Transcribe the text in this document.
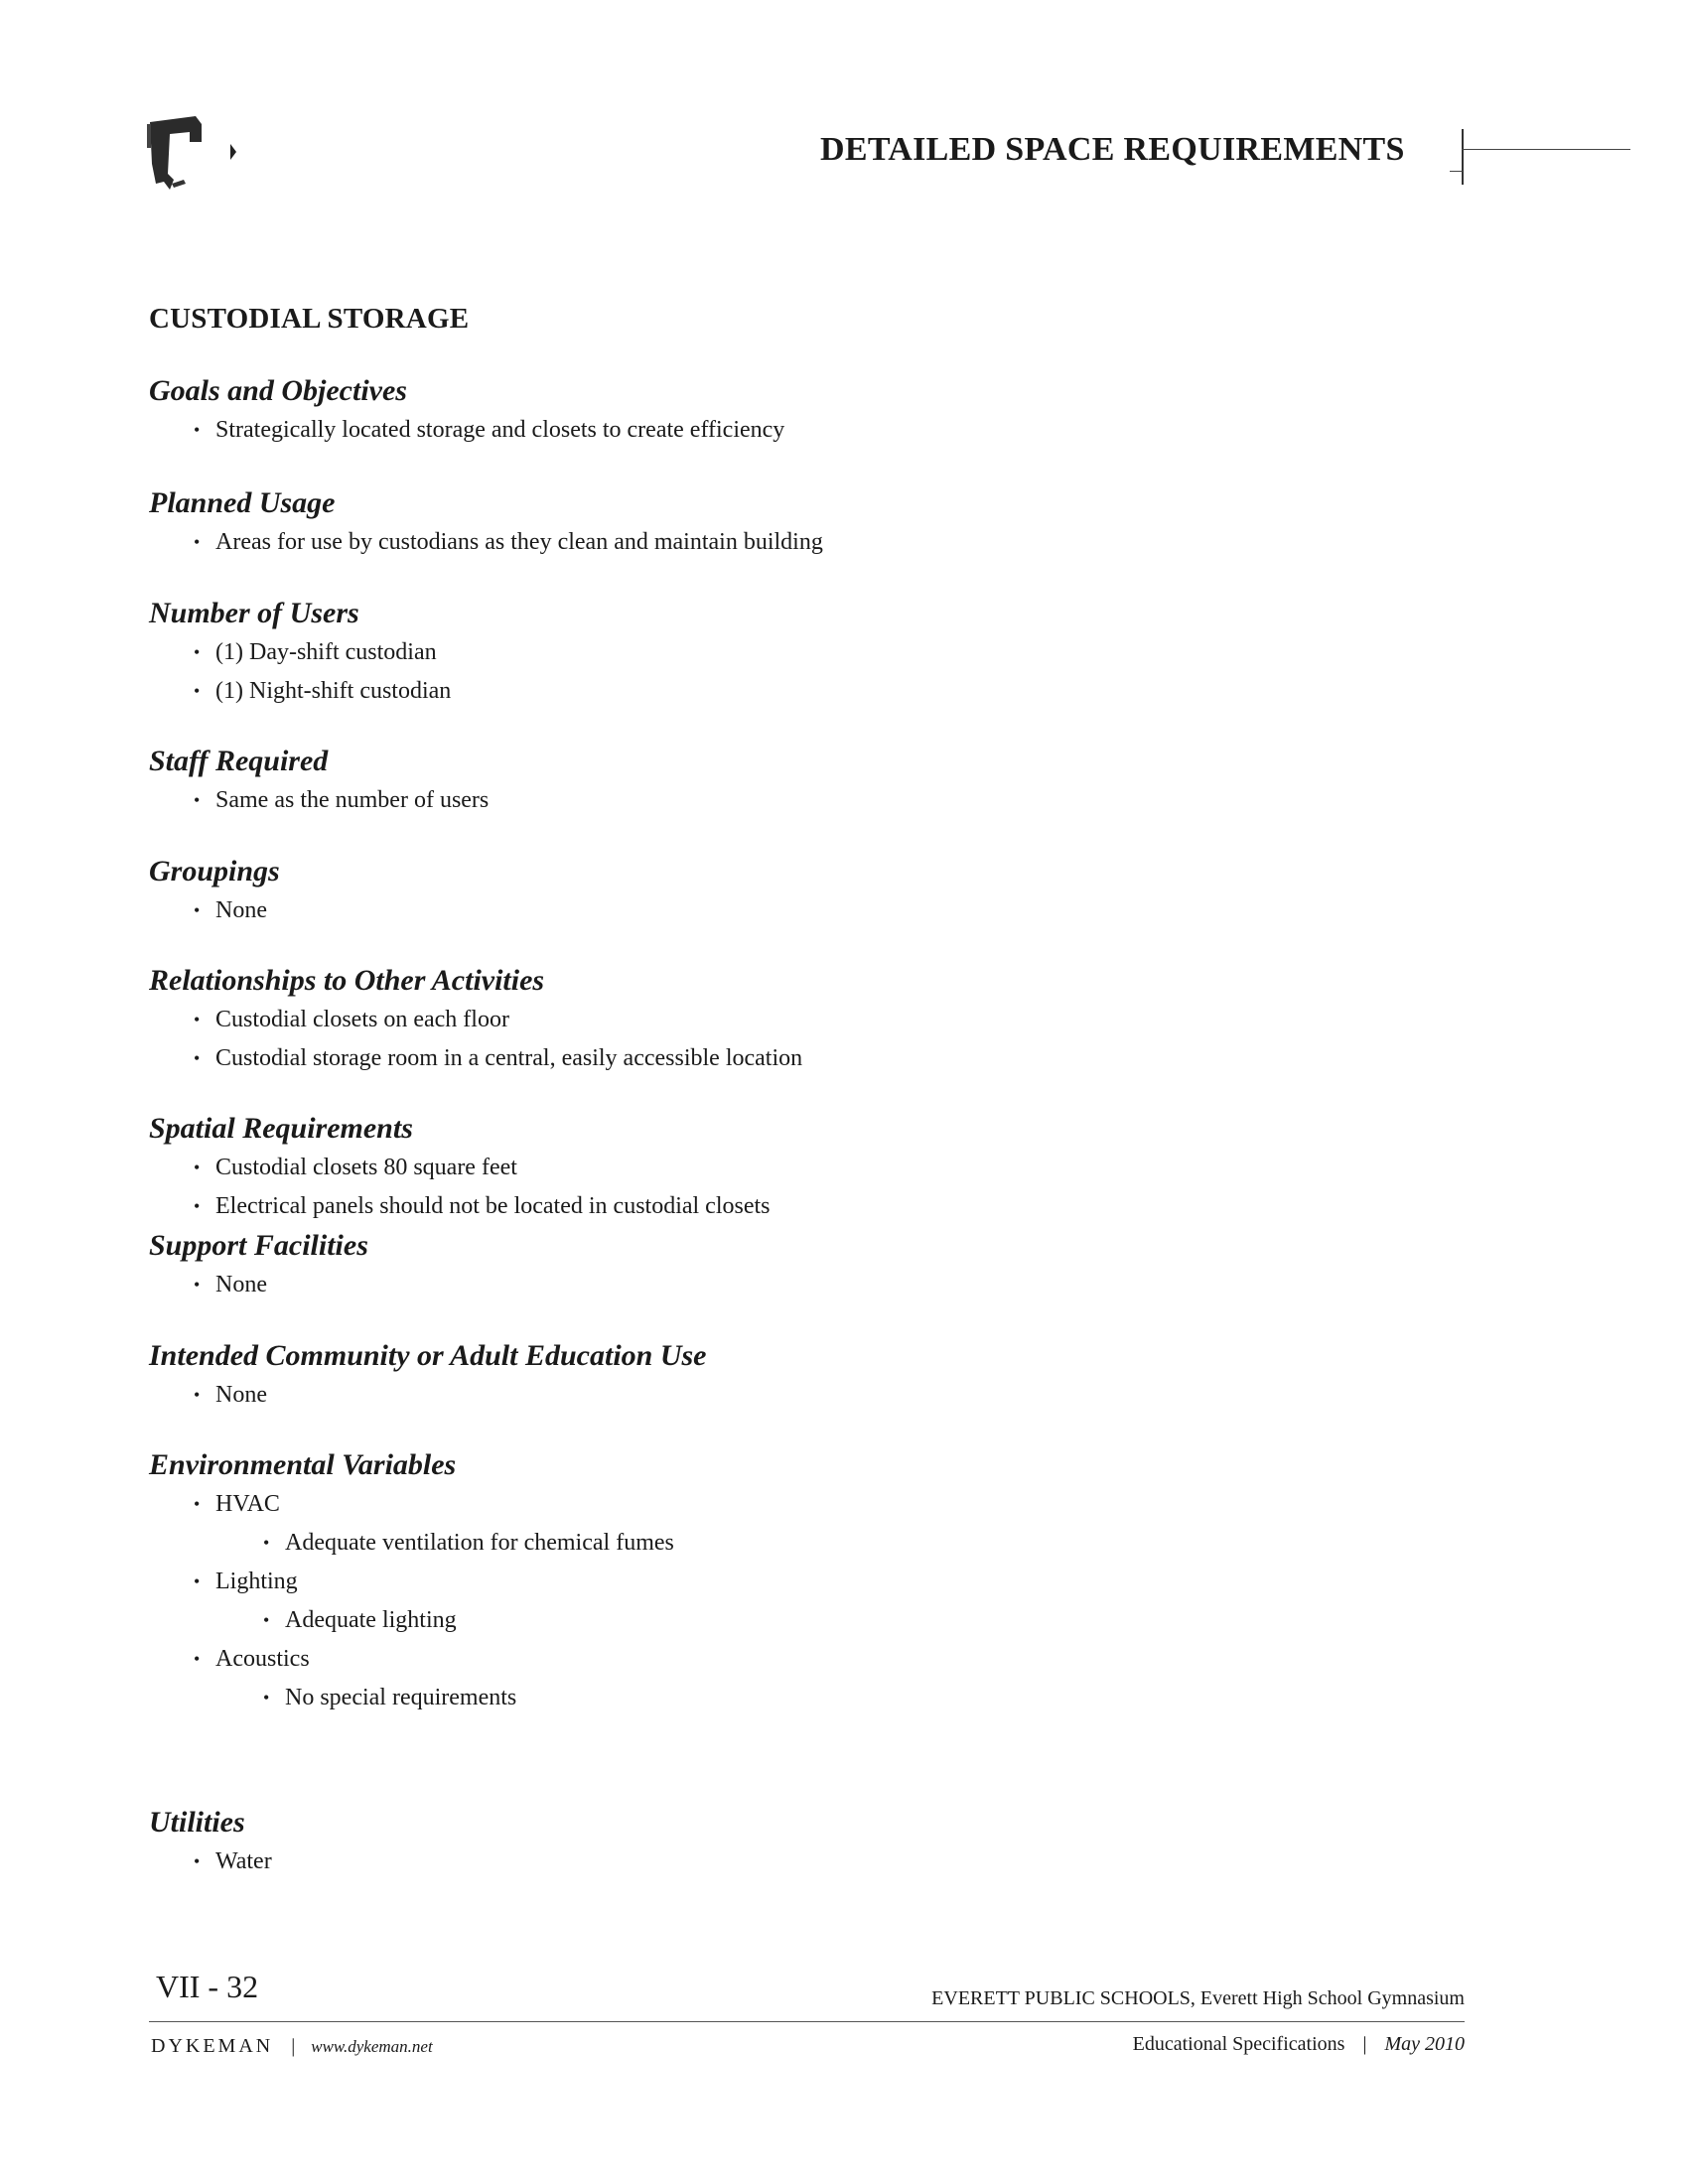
DETAILED SPACE REQUIREMENTS
CUSTODIAL STORAGE
Goals and Objectives
• Strategically located storage and closets to create efficiency
Planned Usage
• Areas for use by custodians as they clean and maintain building
Number of Users
• (1) Day-shift custodian
• (1) Night-shift custodian
Staff Required
• Same as the number of users
Groupings
• None
Relationships to Other Activities
• Custodial closets on each floor
• Custodial storage room in a central, easily accessible location
Spatial Requirements
• Custodial closets 80 square feet
• Electrical panels should not be located in custodial closets
Support Facilities
• None
Intended Community or Adult Education Use
• None
Environmental Variables
• HVAC
• Adequate ventilation for chemical fumes
• Lighting
• Adequate lighting
• Acoustics
• No special requirements
Utilities
• Water
VII - 32	EVERETT PUBLIC SCHOOLS, Everett High School Gymnasium
DYKEMAN | www.dykeman.net	Educational Specifications | May 2010
